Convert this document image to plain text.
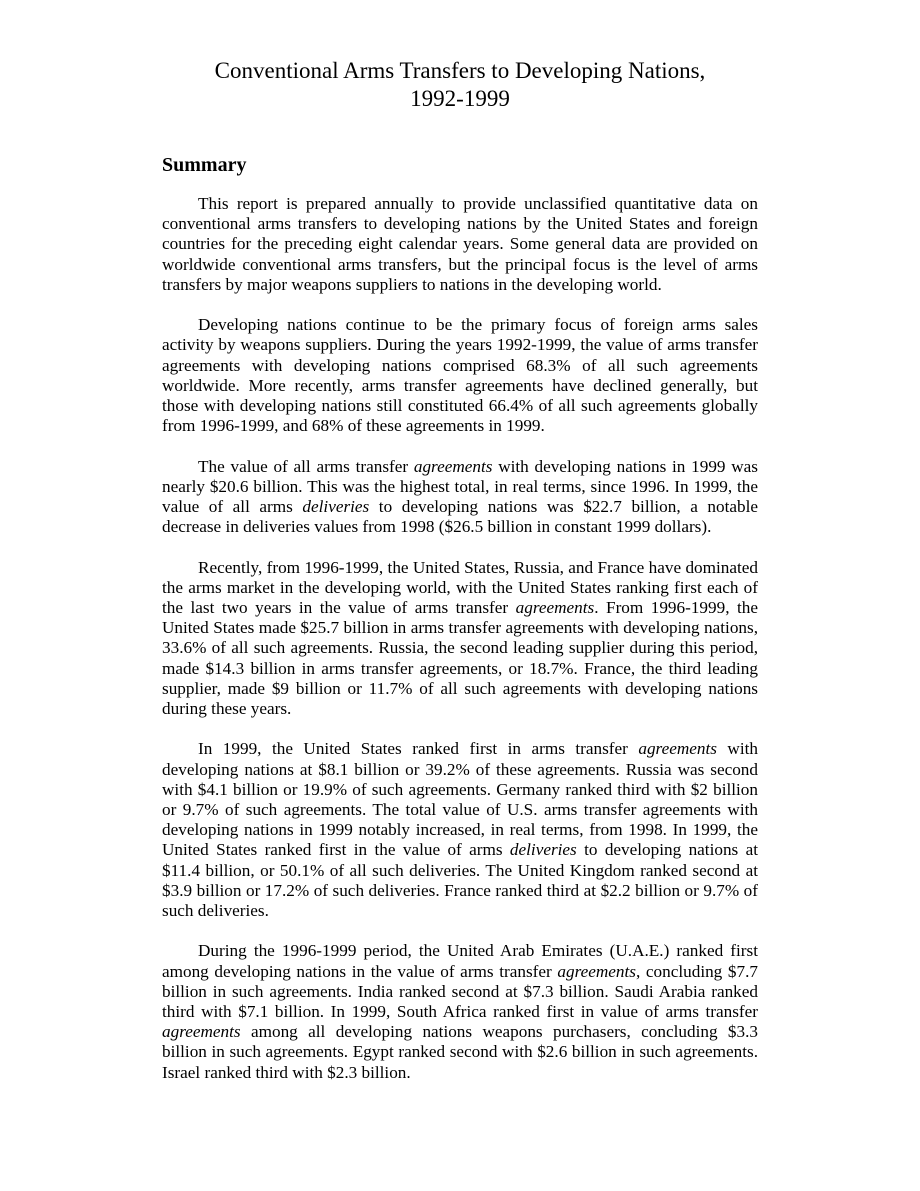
Conventional Arms Transfers to Developing Nations,
1992-1999
Summary

This report is prepared annually to provide unclassified quantitative data on conventional arms transfers to developing nations by the United States and foreign countries for the preceding eight calendar years. Some general data are provided on worldwide conventional arms transfers, but the principal focus is the level of arms transfers by major weapons suppliers to nations in the developing world.

Developing nations continue to be the primary focus of foreign arms sales activity by weapons suppliers. During the years 1992-1999, the value of arms transfer agreements with developing nations comprised 68.3% of all such agreements worldwide. More recently, arms transfer agreements have declined generally, but those with developing nations still constituted 66.4% of all such agreements globally from 1996-1999, and 68% of these agreements in 1999.

The value of all arms transfer agreements with developing nations in 1999 was nearly $20.6 billion. This was the highest total, in real terms, since 1996. In 1999, the value of all arms deliveries to developing nations was $22.7 billion, a notable decrease in deliveries values from 1998 ($26.5 billion in constant 1999 dollars).

Recently, from 1996-1999, the United States, Russia, and France have dominated the arms market in the developing world, with the United States ranking first each of the last two years in the value of arms transfer agreements. From 1996-1999, the United States made $25.7 billion in arms transfer agreements with developing nations, 33.6% of all such agreements. Russia, the second leading supplier during this period, made $14.3 billion in arms transfer agreements, or 18.7%. France, the third leading supplier, made $9 billion or 11.7% of all such agreements with developing nations during these years.

In 1999, the United States ranked first in arms transfer agreements with developing nations at $8.1 billion or 39.2% of these agreements. Russia was second with $4.1 billion or 19.9% of such agreements. Germany ranked third with $2 billion or 9.7% of such agreements. The total value of U.S. arms transfer agreements with developing nations in 1999 notably increased, in real terms, from 1998. In 1999, the United States ranked first in the value of arms deliveries to developing nations at $11.4 billion, or 50.1% of all such deliveries. The United Kingdom ranked second at $3.9 billion or 17.2% of such deliveries. France ranked third at $2.2 billion or 9.7% of such deliveries.

During the 1996-1999 period, the United Arab Emirates (U.A.E.) ranked first among developing nations in the value of arms transfer agreements, concluding $7.7 billion in such agreements. India ranked second at $7.3 billion. Saudi Arabia ranked third with $7.1 billion. In 1999, South Africa ranked first in value of arms transfer agreements among all developing nations weapons purchasers, concluding $3.3 billion in such agreements. Egypt ranked second with $2.6 billion in such agreements. Israel ranked third with $2.3 billion.
